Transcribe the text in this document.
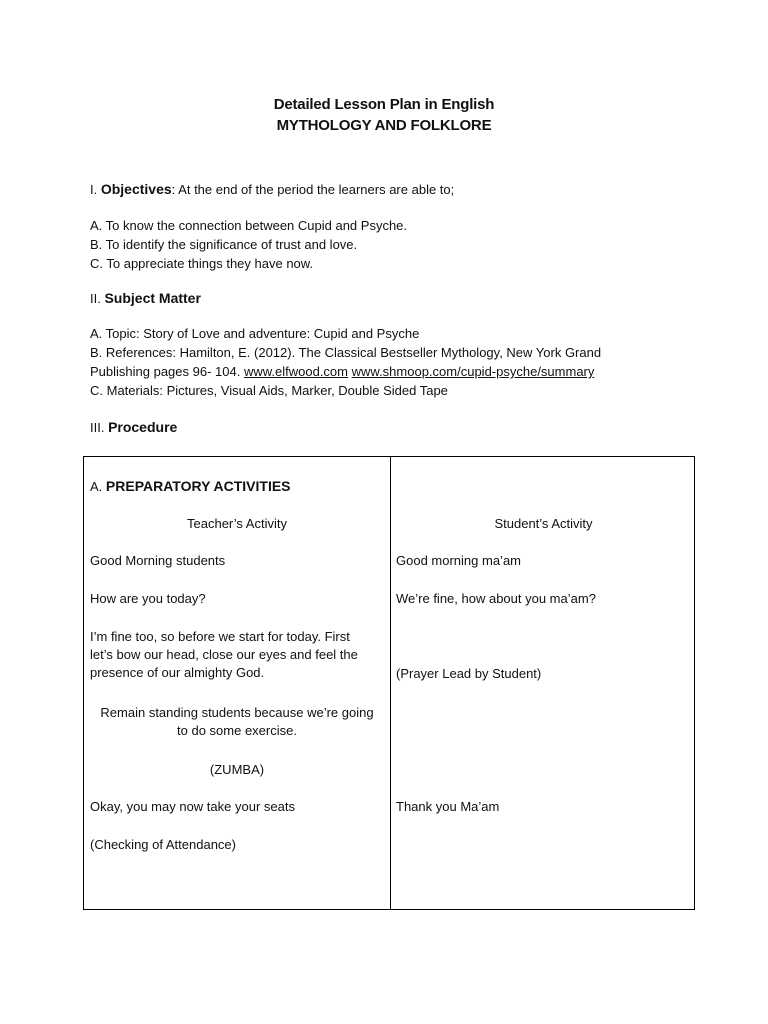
Detailed Lesson Plan in English
MYTHOLOGY AND FOLKLORE
I. Objectives: At the end of the period the learners are able to;
A. To know the connection between Cupid and Psyche.
B. To identify the significance of trust and love.
C. To appreciate things they have now.
II. Subject Matter
A. Topic: Story of Love and adventure: Cupid and Psyche
B. References: Hamilton, E. (2012). The Classical Bestseller Mythology, New York Grand
Publishing pages 96- 104. www.elfwood.com www.shmoop.com/cupid-psyche/summary
C. Materials: Pictures, Visual Aids, Marker, Double Sided Tape
III. Procedure
A. PREPARATORY ACTIVITIES
Teacher’s Activity	Student’s Activity
Good Morning students	Good morning ma’am
How are you today?	We’re fine, how about you ma’am?
I’m fine too, so before we start for today. First
let’s bow our head, close our eyes and feel the
presence of our almighty God.	(Prayer Lead by Student)
Remain standing students because we’re going
to do some exercise.
(ZUMBA)
Okay, you may now take your seats	Thank you Ma’am
(Checking of Attendance)
